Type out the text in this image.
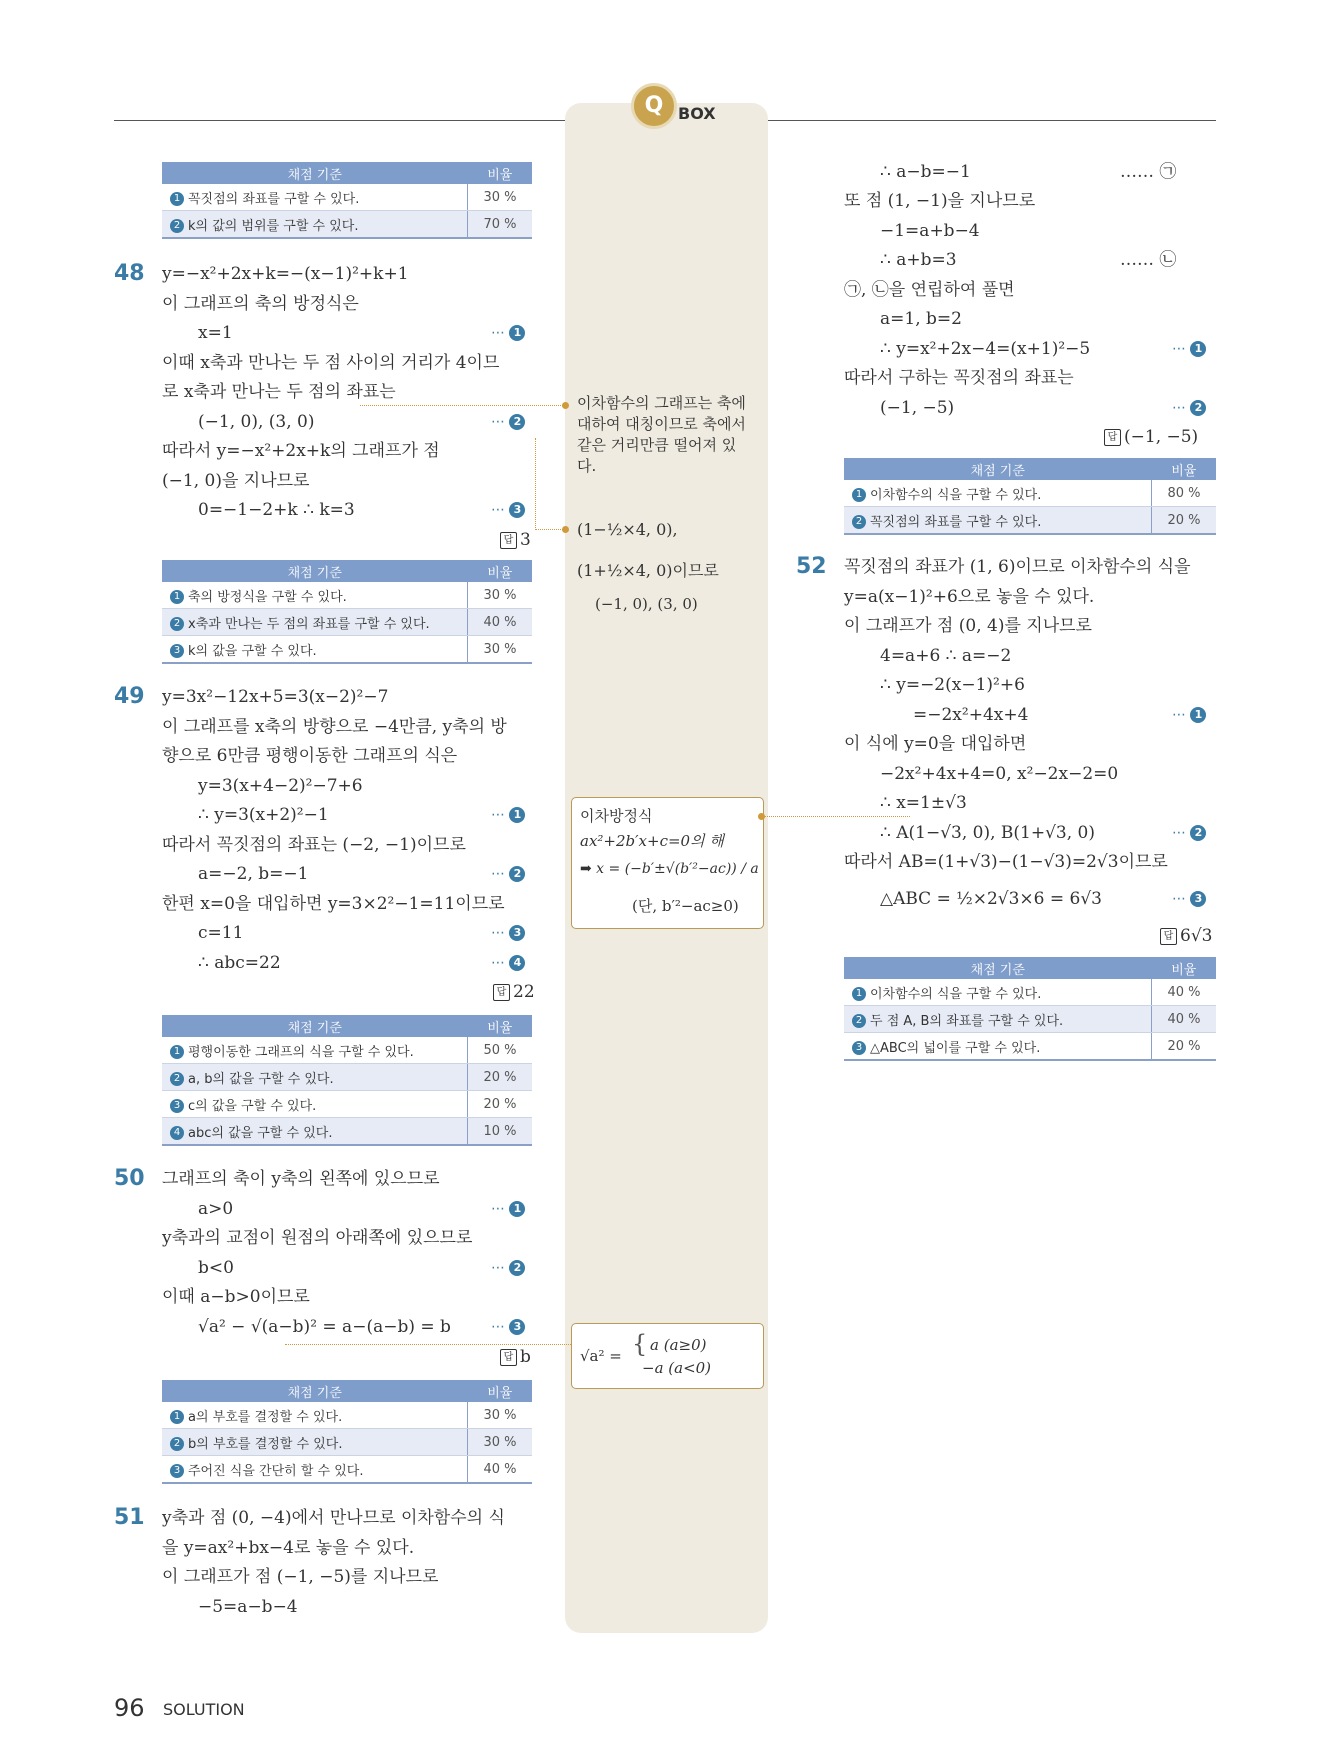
Q BOX
채점 기준	비율
1 꼭짓점의 좌표를 구할 수 있다.	30 %
2 k의 값의 범위를 구할 수 있다.	70 %
48 y=−x²+2x+k=−(x−1)²+k+1
이 그래프의 축의 방정식은
x=1	⋯ 1
이때 x축과 만나는 두 점 사이의 거리가 4이므
로 x축과 만나는 두 점의 좌표는
(−1, 0), (3, 0)	⋯ 2
따라서 y=−x²+2x+k의 그래프가 점
(−1, 0)을 지나므로
0=−1−2+k ∴ k=3	⋯ 3
답 3
채점 기준	비율
1 축의 방정식을 구할 수 있다.	30 %
2 x축과 만나는 두 점의 좌표를 구할 수 있다.	40 %
3 k의 값을 구할 수 있다.	30 %
49 y=3x²−12x+5=3(x−2)²−7
이 그래프를 x축의 방향으로 −4만큼, y축의 방
향으로 6만큼 평행이동한 그래프의 식은
y=3(x+4−2)²−7+6
∴ y=3(x+2)²−1	⋯ 1
따라서 꼭짓점의 좌표는 (−2, −1)이므로
a=−2, b=−1	⋯ 2
한편 x=0을 대입하면 y=3×2²−1=11이므로
c=11	⋯ 3
∴ abc=22	⋯ 4
답 22
채점 기준	비율
1 평행이동한 그래프의 식을 구할 수 있다.	50 %
2 a, b의 값을 구할 수 있다.	20 %
3 c의 값을 구할 수 있다.	20 %
4 abc의 값을 구할 수 있다.	10 %
50 그래프의 축이 y축의 왼쪽에 있으므로
a>0	⋯ 1
y축과의 교점이 원점의 아래쪽에 있으므로
b<0	⋯ 2
이때 a−b>0이므로
√a² − √(a−b)² = a−(a−b) = b	⋯ 3
답 b
채점 기준	비율
1 a의 부호를 결정할 수 있다.	30 %
2 b의 부호를 결정할 수 있다.	30 %
3 주어진 식을 간단히 할 수 있다.	40 %
51 y축과 점 (0, −4)에서 만나므로 이차함수의 식
을 y=ax²+bx−4로 놓을 수 있다.
이 그래프가 점 (−1, −5)를 지나므로
−5=a−b−4
이차함수의 그래프는 축에
대하여 대칭이므로 축에서
같은 거리만큼 떨어져 있
다.
(1−½×4, 0),
(1+½×4, 0)이므로
(−1, 0), (3, 0)
이차방정식
ax²+2b′x+c=0의 해
➡ x = (−b′±√(b′²−ac)) / a
(단, b′²−ac≥0)
√a² = { a (a≥0)
−a (a<0)
∴ a−b=−1	…… ㉠
또 점 (1, −1)을 지나므로
−1=a+b−4
∴ a+b=3	…… ㉡
㉠, ㉡을 연립하여 풀면
a=1, b=2
∴ y=x²+2x−4=(x+1)²−5	⋯ 1
따라서 구하는 꼭짓점의 좌표는
(−1, −5)	⋯ 2
답 (−1, −5)
채점 기준	비율
1 이차함수의 식을 구할 수 있다.	80 %
2 꼭짓점의 좌표를 구할 수 있다.	20 %
52 꼭짓점의 좌표가 (1, 6)이므로 이차함수의 식을
y=a(x−1)²+6으로 놓을 수 있다.
이 그래프가 점 (0, 4)를 지나므로
4=a+6 ∴ a=−2
∴ y=−2(x−1)²+6
=−2x²+4x+4	⋯ 1
이 식에 y=0을 대입하면
−2x²+4x+4=0, x²−2x−2=0
∴ x=1±√3
∴ A(1−√3, 0), B(1+√3, 0)	⋯ 2
따라서 AB=(1+√3)−(1−√3)=2√3이므로
△ABC = ½×2√3×6 = 6√3	⋯ 3
답 6√3
채점 기준	비율
1 이차함수의 식을 구할 수 있다.	40 %
2 두 점 A, B의 좌표를 구할 수 있다.	40 %
3 △ABC의 넓이를 구할 수 있다.	20 %
96 SOLUTION
